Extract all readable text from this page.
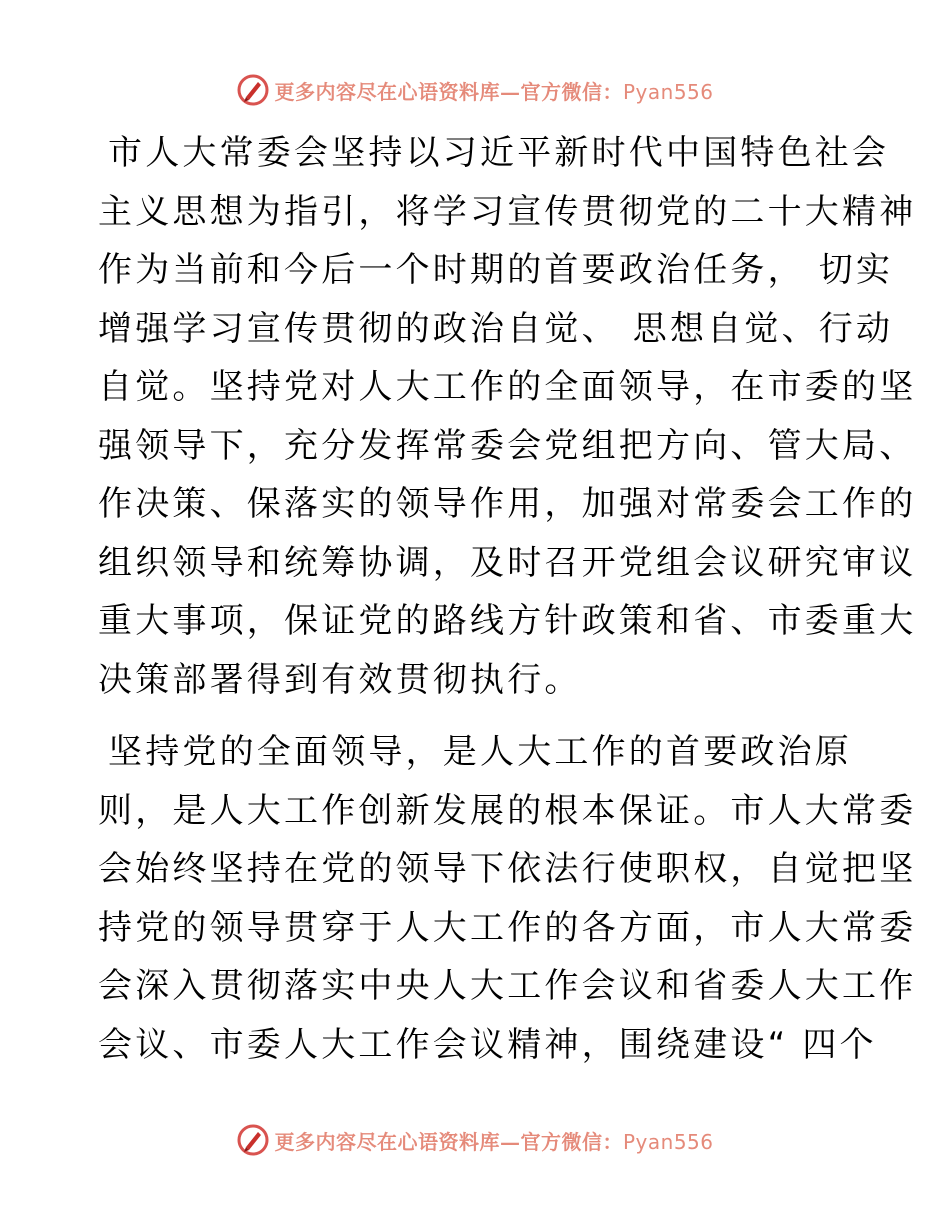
更多内容尽在心语资料库—官方微信：Pyan556
市人大常委会坚持以习近平新时代中国特色社会
主义思想为指引，将学习宣传贯彻党的二十大精神
作为当前和今后一个时期的首要政治任务， 切实
增强学习宣传贯彻的政治自觉、 思想自觉、行动
自觉。坚持党对人大工作的全面领导，在市委的坚
强领导下，充分发挥常委会党组把方向、管大局、
作决策、保落实的领导作用，加强对常委会工作的
组织领导和统筹协调，及时召开党组会议研究审议
重大事项，保证党的路线方针政策和省、市委重大
决策部署得到有效贯彻执行。
坚持党的全面领导，是人大工作的首要政治原
则，是人大工作创新发展的根本保证。市人大常委
会始终坚持在党的领导下依法行使职权，自觉把坚
持党的领导贯穿于人大工作的各方面，市人大常委
会深入贯彻落实中央人大工作会议和省委人大工作
会议、市委人大工作会议精神，围绕建设“ 四个
更多内容尽在心语资料库—官方微信：Pyan556
